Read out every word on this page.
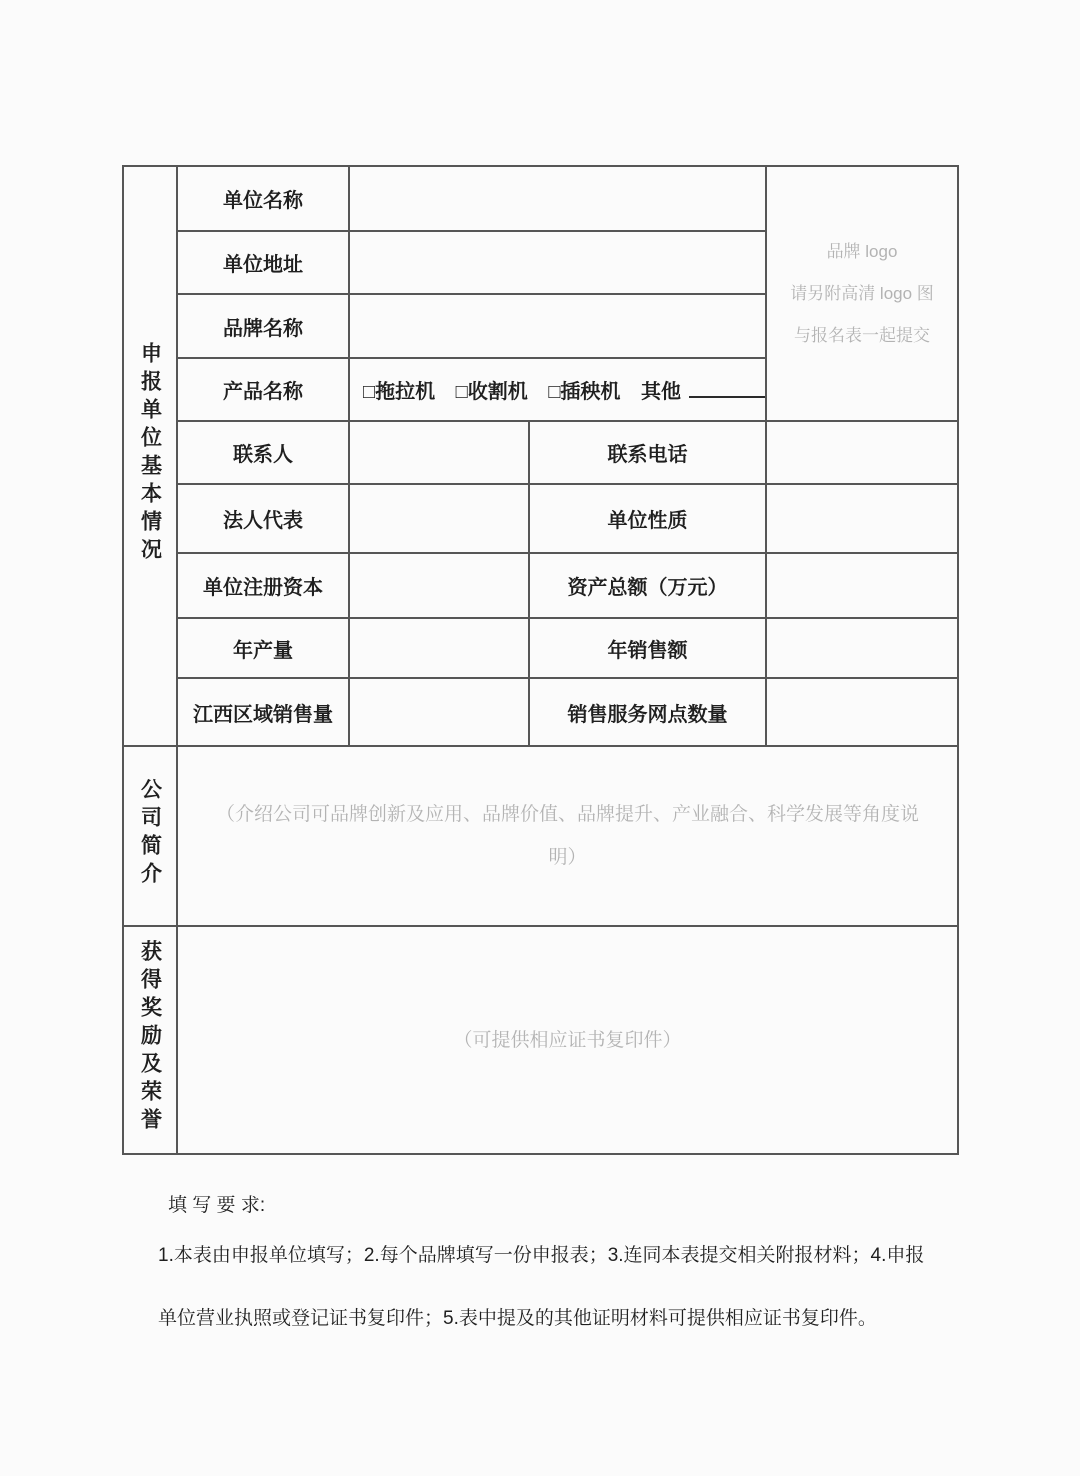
申报单位基本情况	单位名称			品牌 logo
请另附高清 logo 图
与报名表一起提交

	单位地址			
	品牌名称			
	产品名称	□拖拉机 □收割机 □插秧机 其他		
	联系人		联系电话	
	法人代表		单位性质	
	单位注册资本		资产总额（万元）	
	年产量		年销售额	
	江西区域销售量		销售服务网点数量	
公司简介	（介绍公司可品牌创新及应用、品牌价值、品牌提升、产业融合、科学发展等角度说明）			
获得奖励及荣誉	（可提供相应证书复印件）			
填 写 要 求:
1.本表由申报单位填写；2.每个品牌填写一份申报表；3.连同本表提交相关附报材料；4.申报
单位营业执照或登记证书复印件；5.表中提及的其他证明材料可提供相应证书复印件。
